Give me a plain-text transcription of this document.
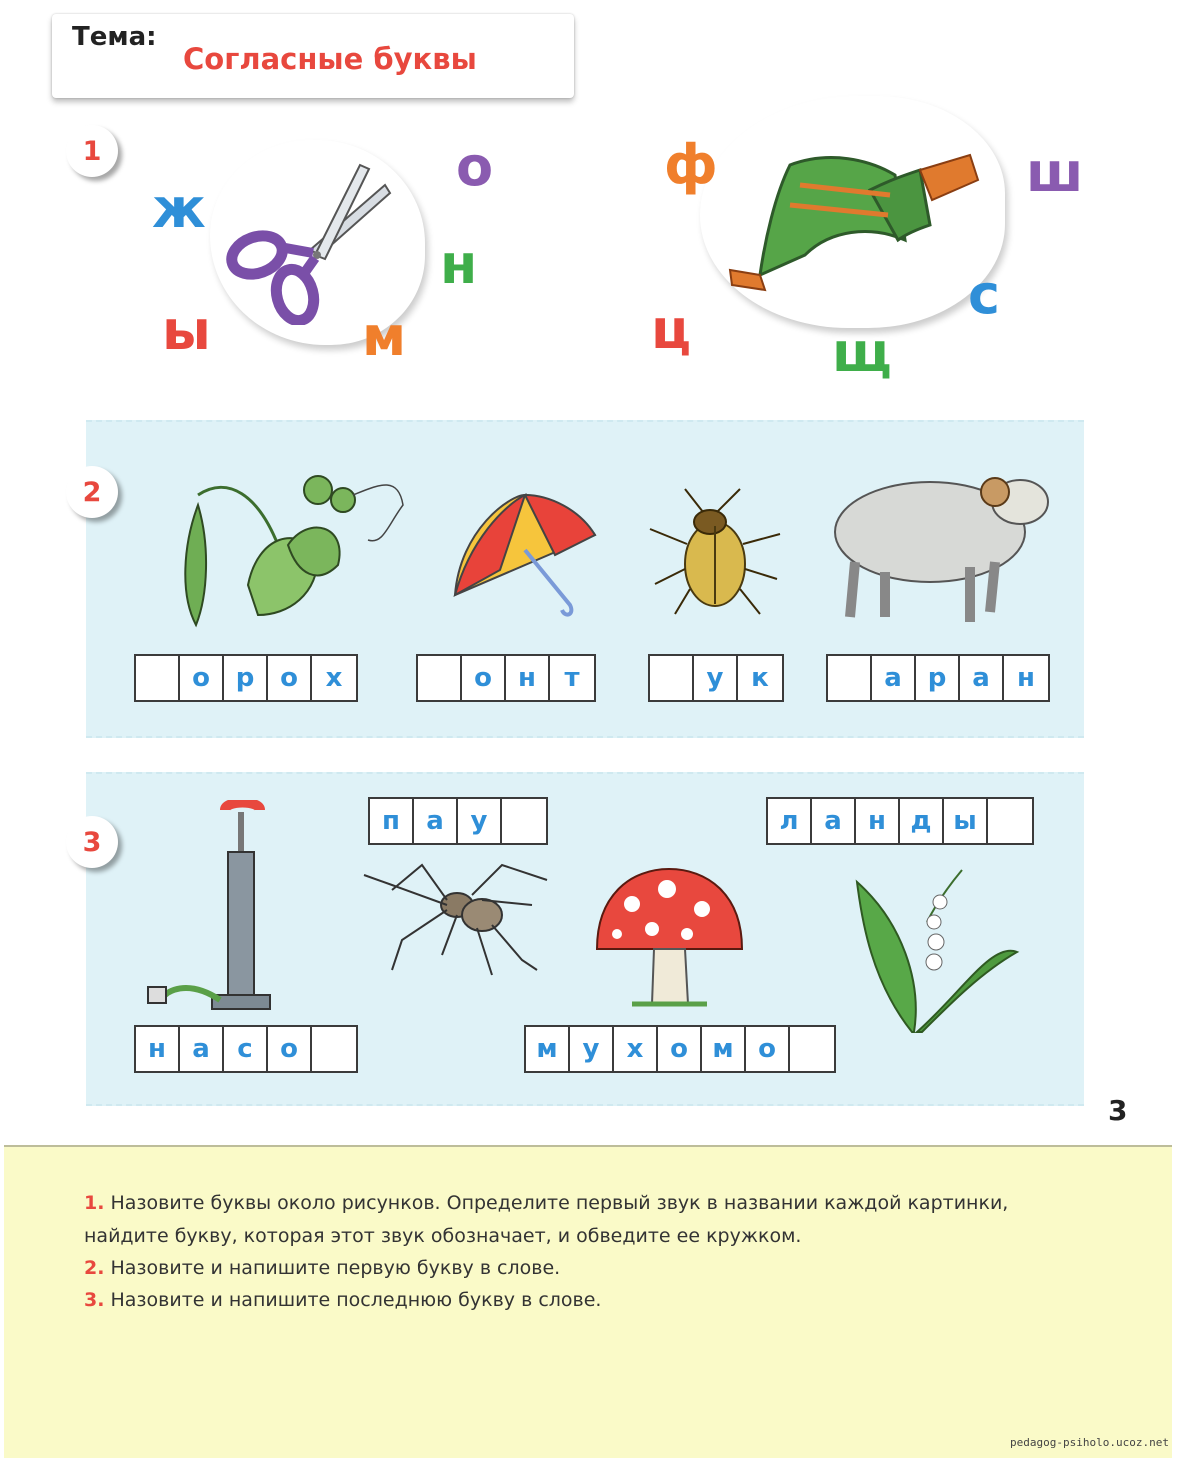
Тема:
Согласные буквы
1
ж
ы
о
н
м
ф	ш
с
ц	щ
2
о р о	х	о	н	т	у	к	а р а	н
3
н	а	с	о
п	а	у
м у	х	о м о
л а	н д ы
3
1. Назовите буквы около рисунков. Определите первый звук в названии каждой картинки,
найдите букву, которая этот звук обозначает, и обведите ее кружком.
2. Назовите и напишите первую букву в слове.
3. Назовите и напишите последнюю букву в слове.
pedagog-psiholo.ucoz.net
